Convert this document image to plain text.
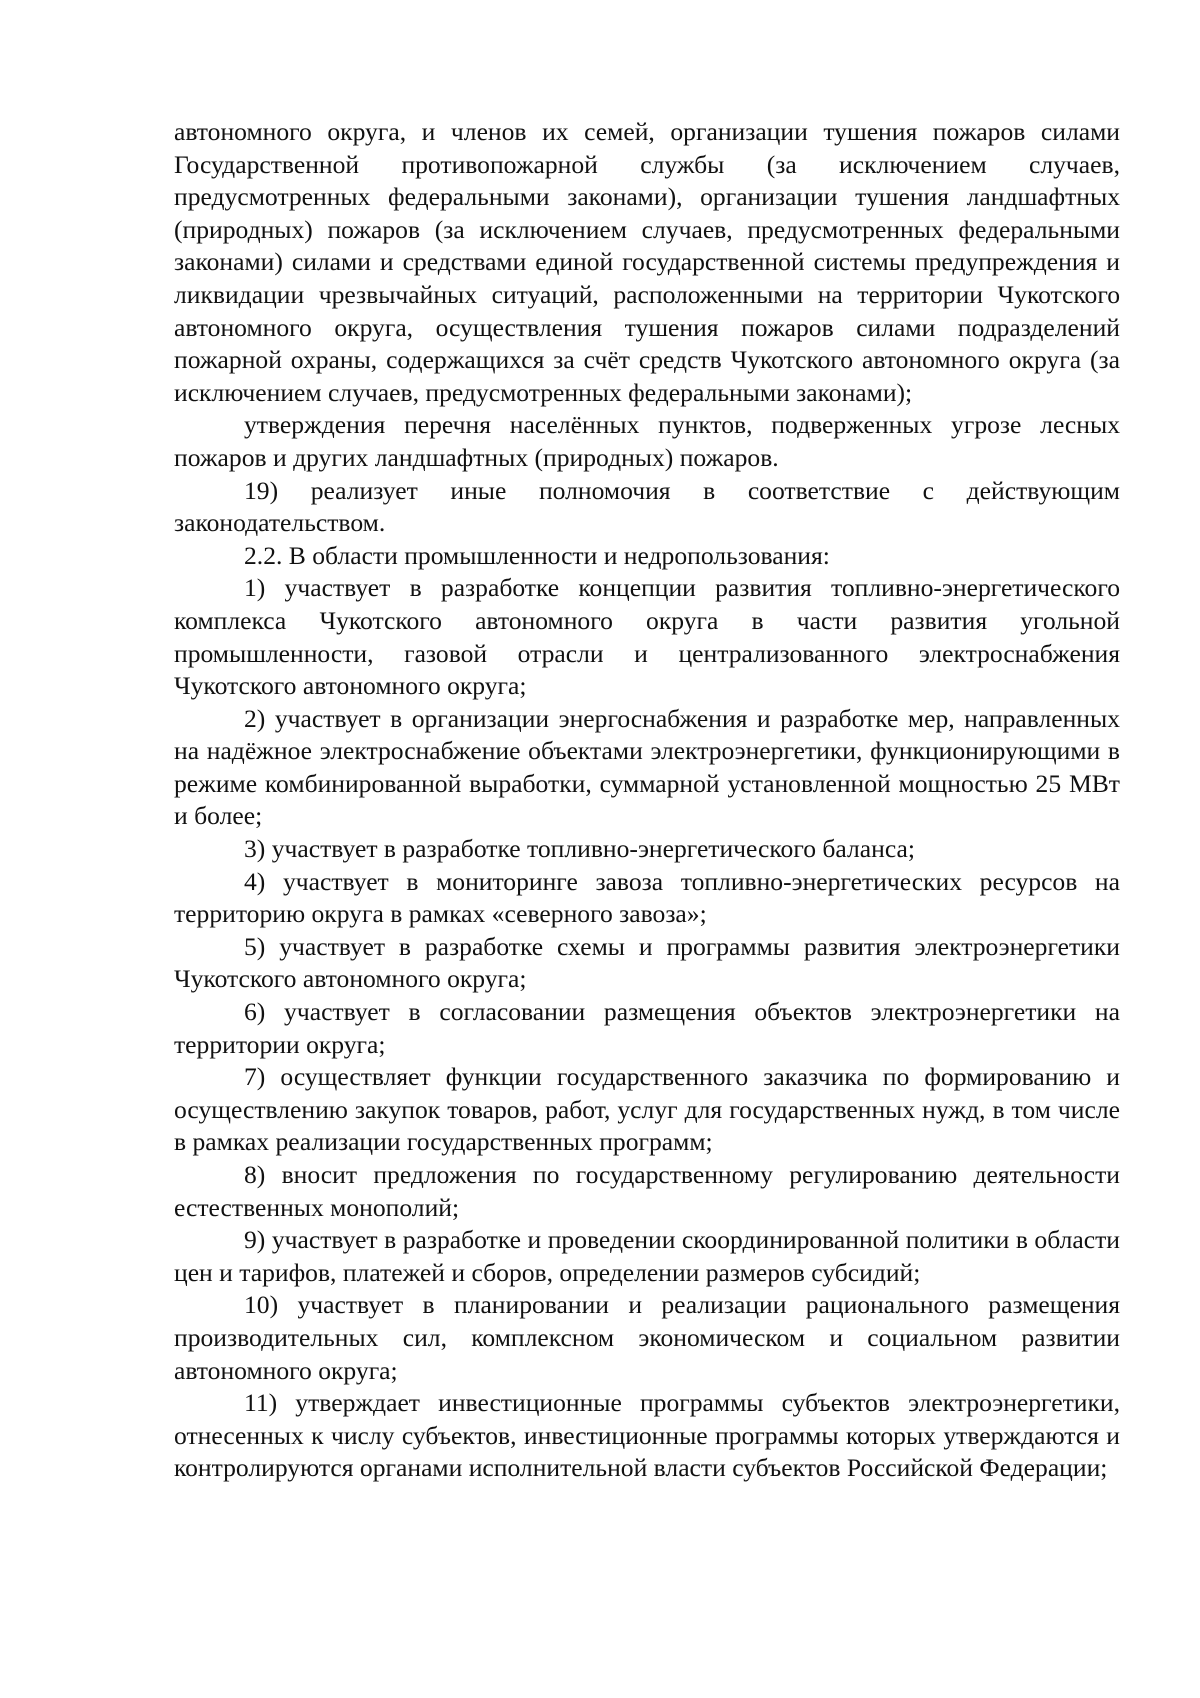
автономного округа, и членов их семей, организации тушения пожаров силами Государственной противопожарной службы (за исключением случаев, предусмотренных федеральными законами), организации тушения ландшафтных (природных) пожаров (за исключением случаев, предусмотренных федеральными законами) силами и средствами единой государственной системы предупреждения и ликвидации чрезвычайных ситуаций, расположенными на территории Чукотского автономного округа, осуществления тушения пожаров силами подразделений пожарной охраны, содержащихся за счёт средств Чукотского автономного округа (за исключением случаев, предусмотренных федеральными законами);

утверждения перечня населённых пунктов, подверженных угрозе лесных пожаров и других ландшафтных (природных) пожаров.

19) реализует иные полномочия в соответствие с действующим законодательством.

2.2. В области промышленности и недропользования:

1) участвует в разработке концепции развития топливно-энергетического комплекса Чукотского автономного округа в части развития угольной промышленности, газовой отрасли и централизованного электроснабжения Чукотского автономного округа;

2) участвует в организации энергоснабжения и разработке мер, направленных на надёжное электроснабжение объектами электроэнергетики, функционирующими в режиме комбинированной выработки, суммарной установленной мощностью 25 МВт и более;

3) участвует в разработке топливно-энергетического баланса;

4) участвует в мониторинге завоза топливно-энергетических ресурсов на территорию округа в рамках «северного завоза»;

5) участвует в разработке схемы и программы развития электроэнергетики Чукотского автономного округа;

6) участвует в согласовании размещения объектов электроэнергетики на территории округа;

7) осуществляет функции государственного заказчика по формированию и осуществлению закупок товаров, работ, услуг для государственных нужд, в том числе в рамках реализации государственных программ;

8) вносит предложения по государственному регулированию деятельности естественных монополий;

9) участвует в разработке и проведении скоординированной политики в области цен и тарифов, платежей и сборов, определении размеров субсидий;

10) участвует в планировании и реализации рационального размещения производительных сил, комплексном экономическом и социальном развитии автономного округа;

11) утверждает инвестиционные программы субъектов электроэнергетики, отнесенных к числу субъектов, инвестиционные программы которых утверждаются и контролируются органами исполнительной власти субъектов Российской Федерации;
